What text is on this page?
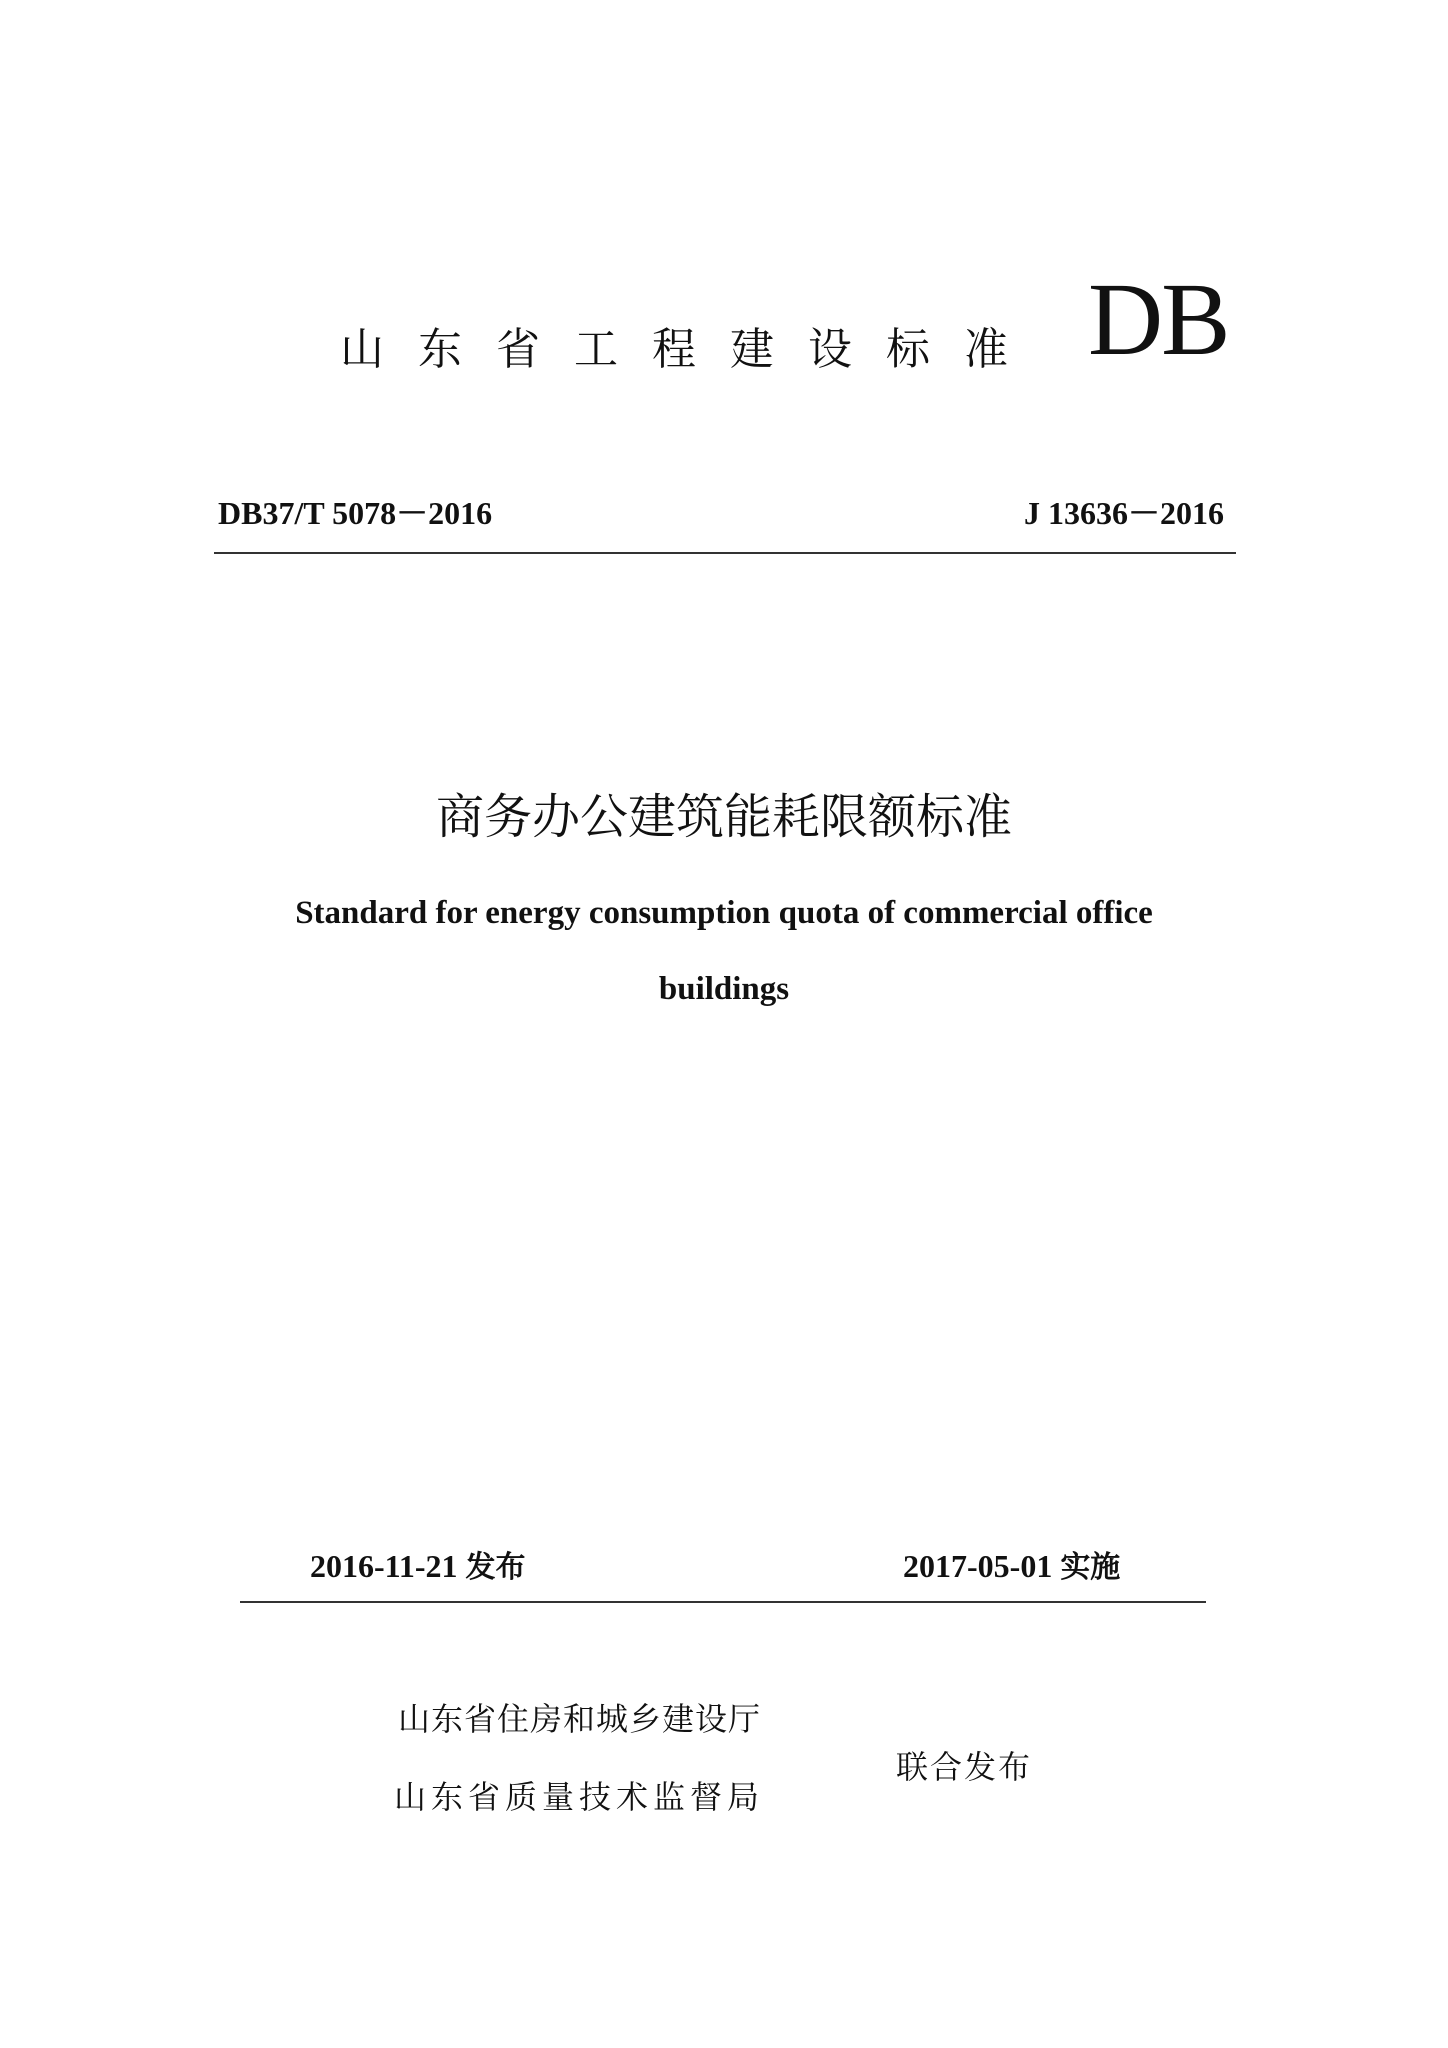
山东省工程建设标准 DB
DB37/T 5078－2016	J 13636－2016
商务办公建筑能耗限额标准
Standard for energy consumption quota of commercial office
buildings
2016-11-21 发布	2017-05-01 实施
山东省住房和城乡建设厅
山东省质量技术监督局
联合发布
